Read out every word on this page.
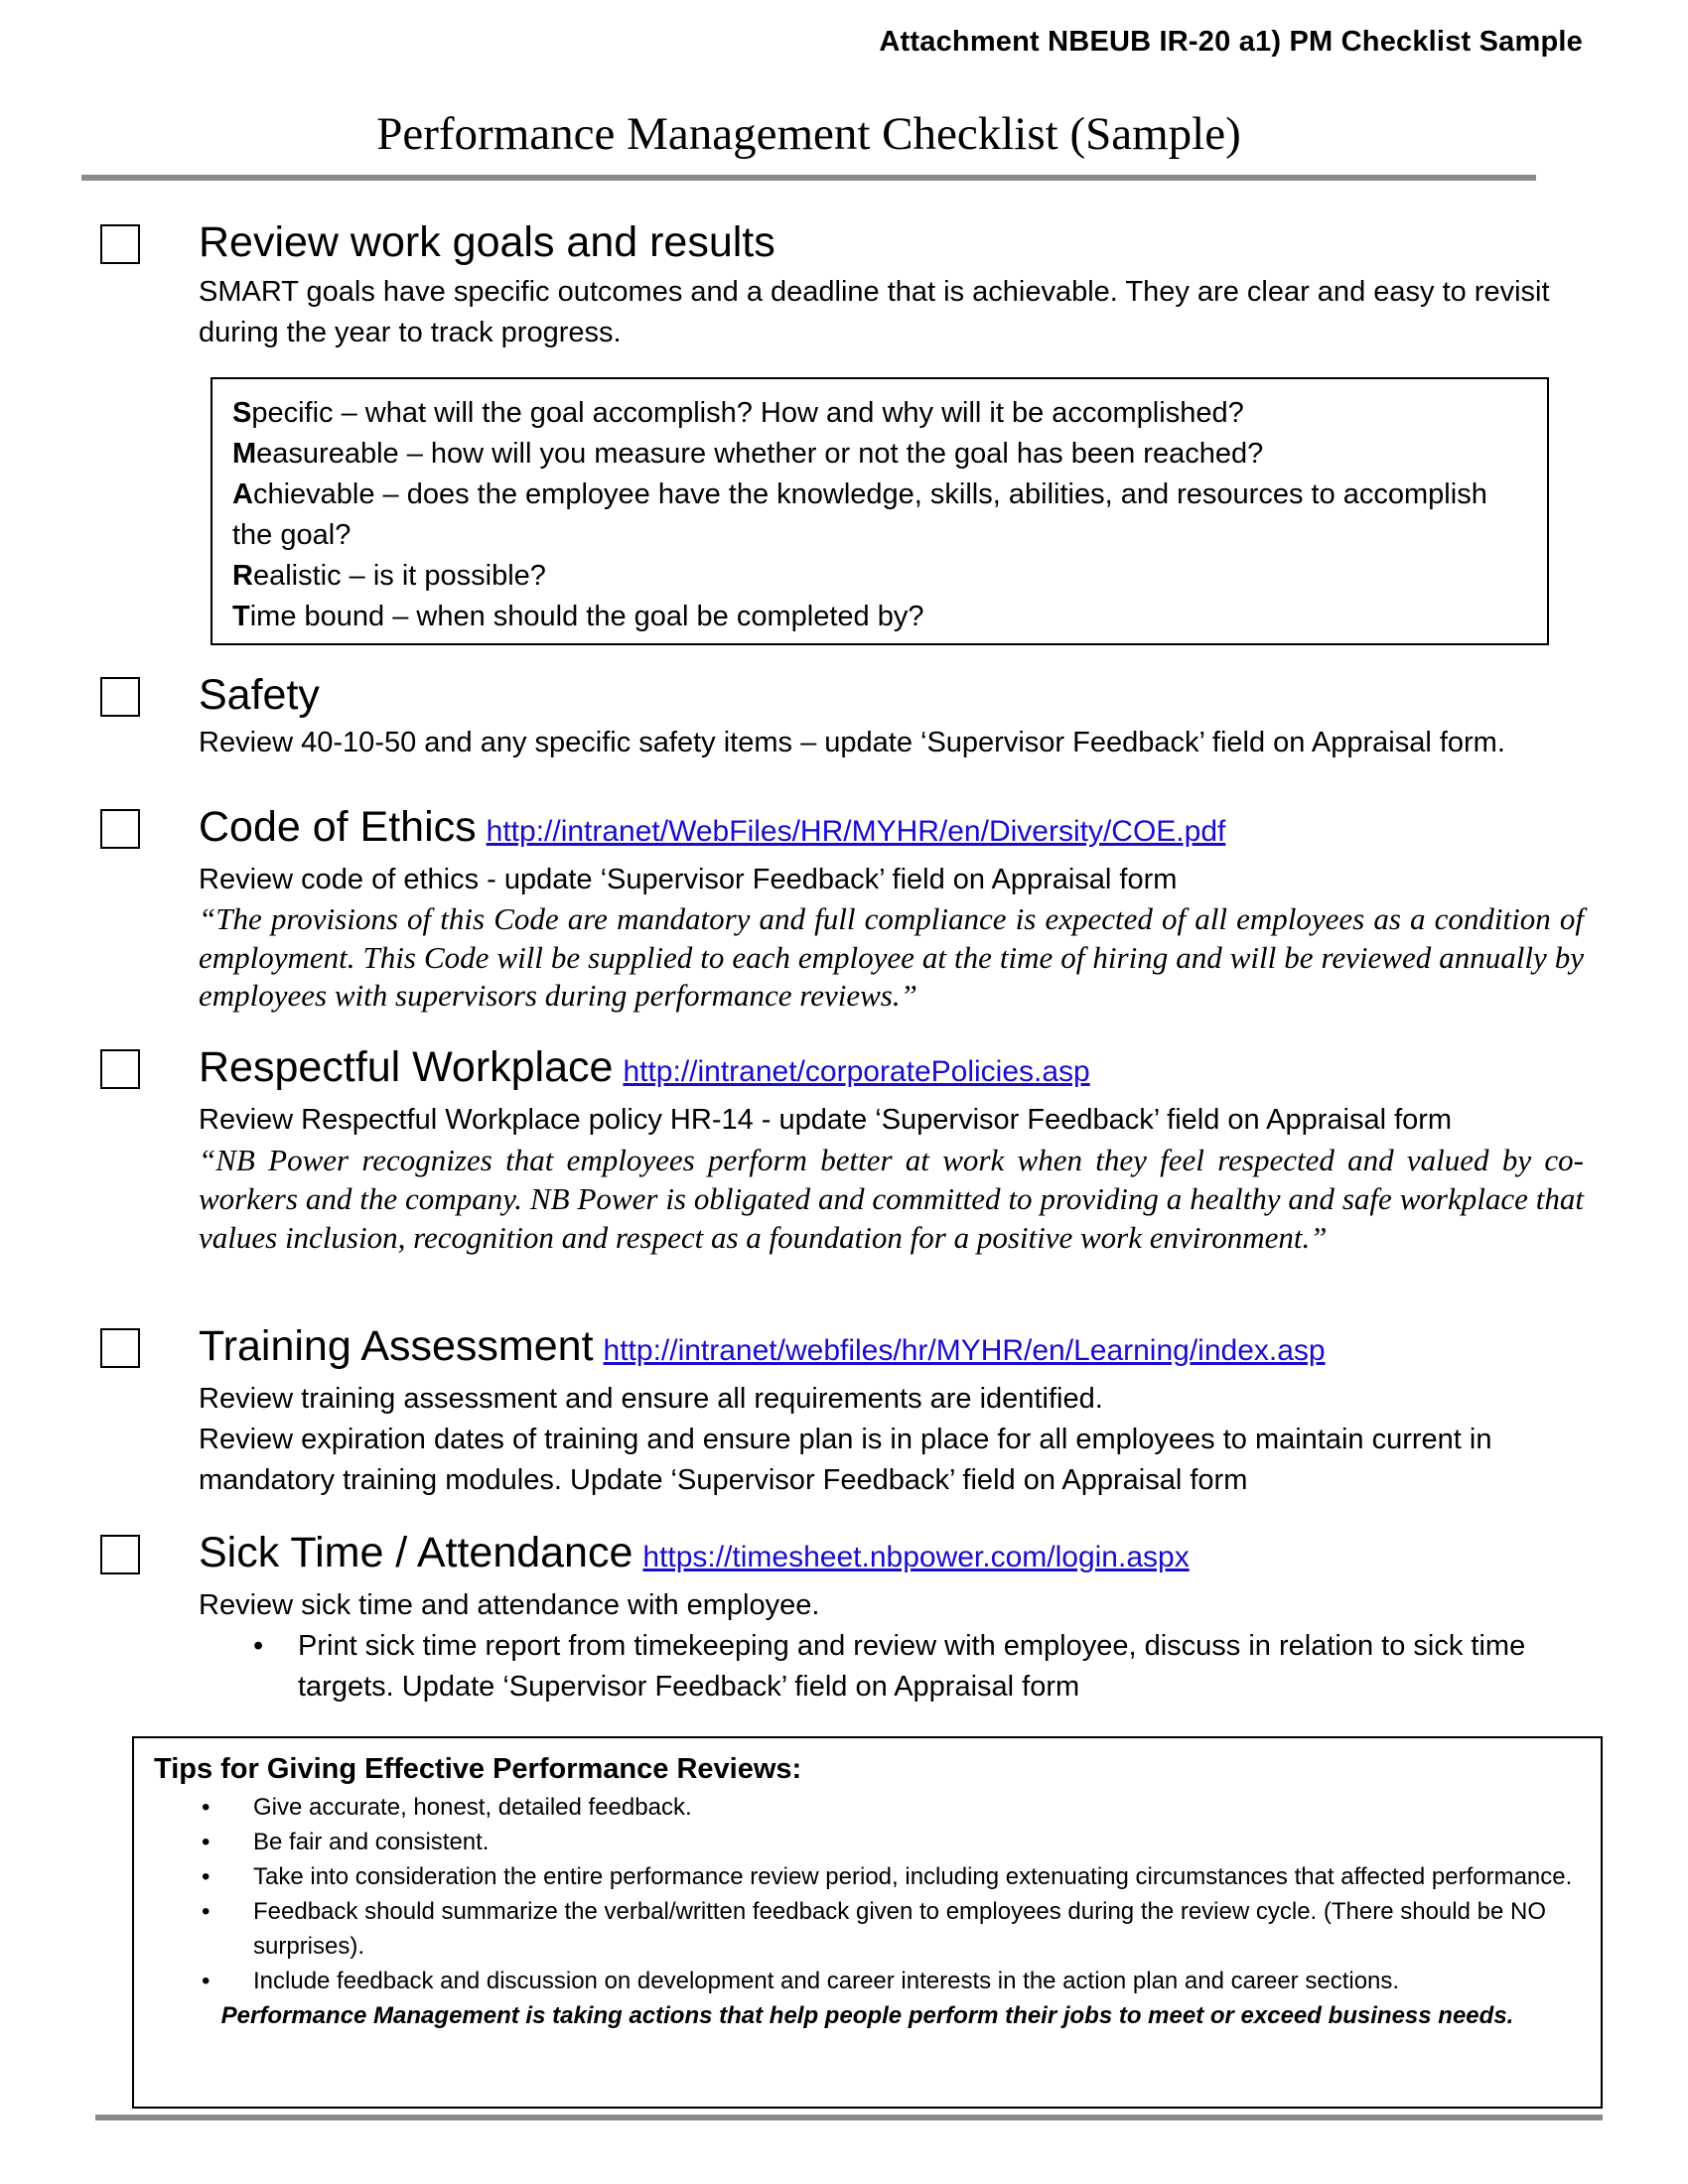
Attachment NBEUB IR-20 a1) PM Checklist Sample
Performance Management Checklist (Sample)
Review work goals and results
SMART goals have specific outcomes and a deadline that is achievable. They are clear and easy to revisit during the year to track progress.
Specific – what will the goal accomplish? How and why will it be accomplished?
Measureable – how will you measure whether or not the goal has been reached?
Achievable – does the employee have the knowledge, skills, abilities, and resources to accomplish the goal?
Realistic – is it possible?
Time bound – when should the goal be completed by?
Safety
Review 40-10-50 and any specific safety items – update ‘Supervisor Feedback’ field on Appraisal form.
Code of Ethics http://intranet/WebFiles/HR/MYHR/en/Diversity/COE.pdf
Review code of ethics - update ‘Supervisor Feedback’ field on Appraisal form
“The provisions of this Code are mandatory and full compliance is expected of all employees as a condition of employment. This Code will be supplied to each employee at the time of hiring and will be reviewed annually by employees with supervisors during performance reviews.”
Respectful Workplace http://intranet/corporatePolicies.asp
Review Respectful Workplace policy HR-14 - update ‘Supervisor Feedback’ field on Appraisal form
“NB Power recognizes that employees perform better at work when they feel respected and valued by co-workers and the company. NB Power is obligated and committed to providing a healthy and safe workplace that values inclusion, recognition and respect as a foundation for a positive work environment.”
Training Assessment http://intranet/webfiles/hr/MYHR/en/Learning/index.asp
Review training assessment and ensure all requirements are identified.
Review expiration dates of training and ensure plan is in place for all employees to maintain current in mandatory training modules. Update ‘Supervisor Feedback’ field on Appraisal form
Sick Time / Attendance https://timesheet.nbpower.com/login.aspx
Review sick time and attendance with employee.
• Print sick time report from timekeeping and review with employee, discuss in relation to sick time targets. Update ‘Supervisor Feedback’ field on Appraisal form
Tips for Giving Effective Performance Reviews:
• Give accurate, honest, detailed feedback.
• Be fair and consistent.
• Take into consideration the entire performance review period, including extenuating circumstances that affected performance.
• Feedback should summarize the verbal/written feedback given to employees during the review cycle. (There should be NO surprises).
• Include feedback and discussion on development and career interests in the action plan and career sections.
Performance Management is taking actions that help people perform their jobs to meet or exceed business needs.
